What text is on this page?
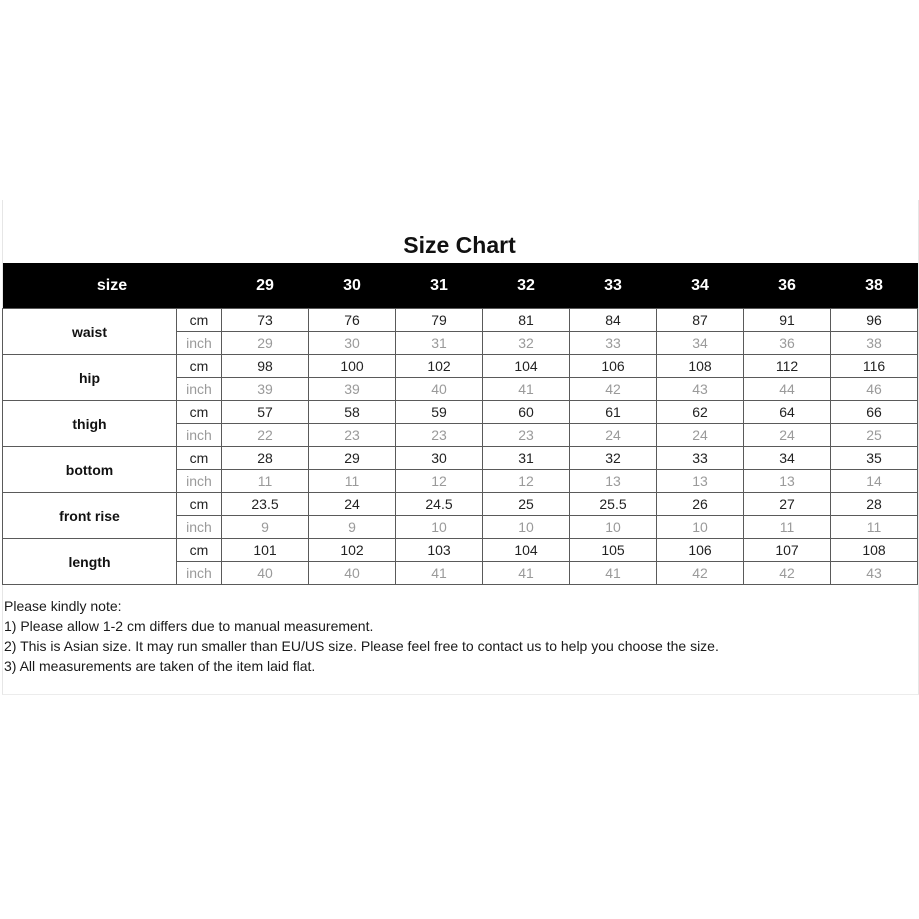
Size Chart
size		29	30	31	32	33	34	36	38
waist	cm	73	76	79	81	84	87	91	96
	inch	29	30	31	32	33	34	36	38
hip	cm	98	100	102	104	106	108	112	116
	inch	39	39	40	41	42	43	44	46
thigh	cm	57	58	59	60	61	62	64	66
	inch	22	23	23	23	24	24	24	25
bottom	cm	28	29	30	31	32	33	34	35
	inch	11	11	12	12	13	13	13	14
front rise	cm	23.5	24	24.5	25	25.5	26	27	28
	inch	9	9	10	10	10	10	11	11
length	cm	101	102	103	104	105	106	107	108
	inch	40	40	41	41	41	42	42	43
Please kindly note:
1) Please allow 1-2 cm differs due to manual measurement.
2) This is Asian size. It may run smaller than EU/US size. Please feel free to contact us to help you choose the size.
3) All measurements are taken of the item laid flat.
